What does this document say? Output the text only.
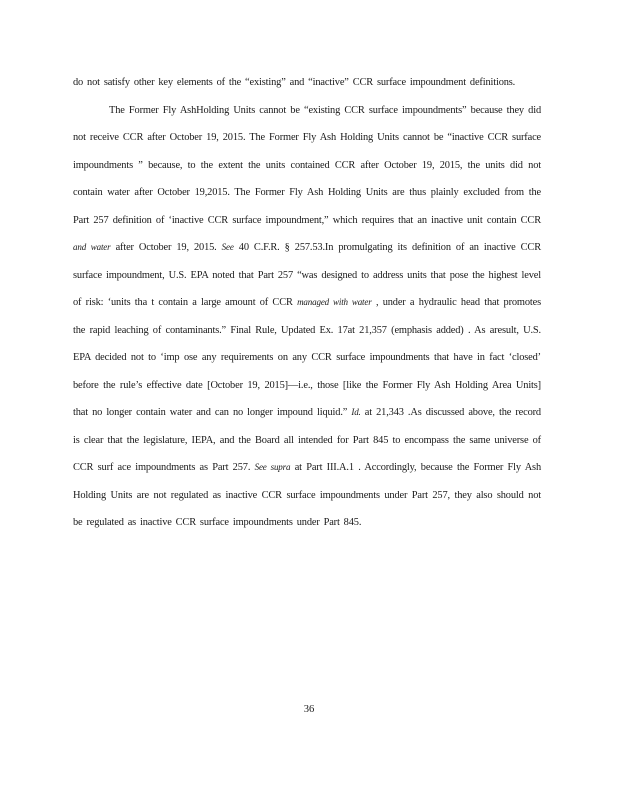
do not satisfy other key elements of the “existing” and “inactive” CCR surface impoundment definitions.

The Former Fly AshHolding Units cannot be “existing CCR surface impoundments” because they did not receive CCR after October 19, 2015. The Former Fly Ash Holding Units cannot be “inactive CCR surface impoundments ” because, to the extent the units contained CCR after October 19, 2015, the units did not contain water after October 19,2015. The Former Fly Ash Holding Units are thus plainly excluded from the Part 257 definition of ‘inactive CCR surface impoundment,” which requires that an inactive unit contain CCR and water after October 19, 2015. See 40 C.F.R. § 257.53.In promulgating its definition of an inactive CCR surface impoundment, U.S. EPA noted that Part 257 “was designed to address units that pose the highest level of risk: ‘units tha t contain a large amount of CCR managed with water , under a hydraulic head that promotes the rapid leaching of contaminants.” Final Rule, Updated Ex. 17at 21,357 (emphasis added) . As aresult, U.S. EPA decided not to ‘imp ose any requirements on any CCR surface impoundments that have in fact ‘closed’ before the rule’s effective date [October 19, 2015]—i.e., those [like the Former Fly Ash Holding Area Units] that no longer contain water and can no longer impound liquid.” Id. at 21,343 .As discussed above, the record is clear that the legislature, IEPA, and the Board all intended for Part 845 to encompass the same universe of CCR surf ace impoundments as Part 257. See supra at Part III.A.1 . Accordingly, because the Former Fly Ash Holding Units are not regulated as inactive CCR surface impoundments under Part 257, they also should not be regulated as inactive CCR surface impoundments under Part 845.

36
